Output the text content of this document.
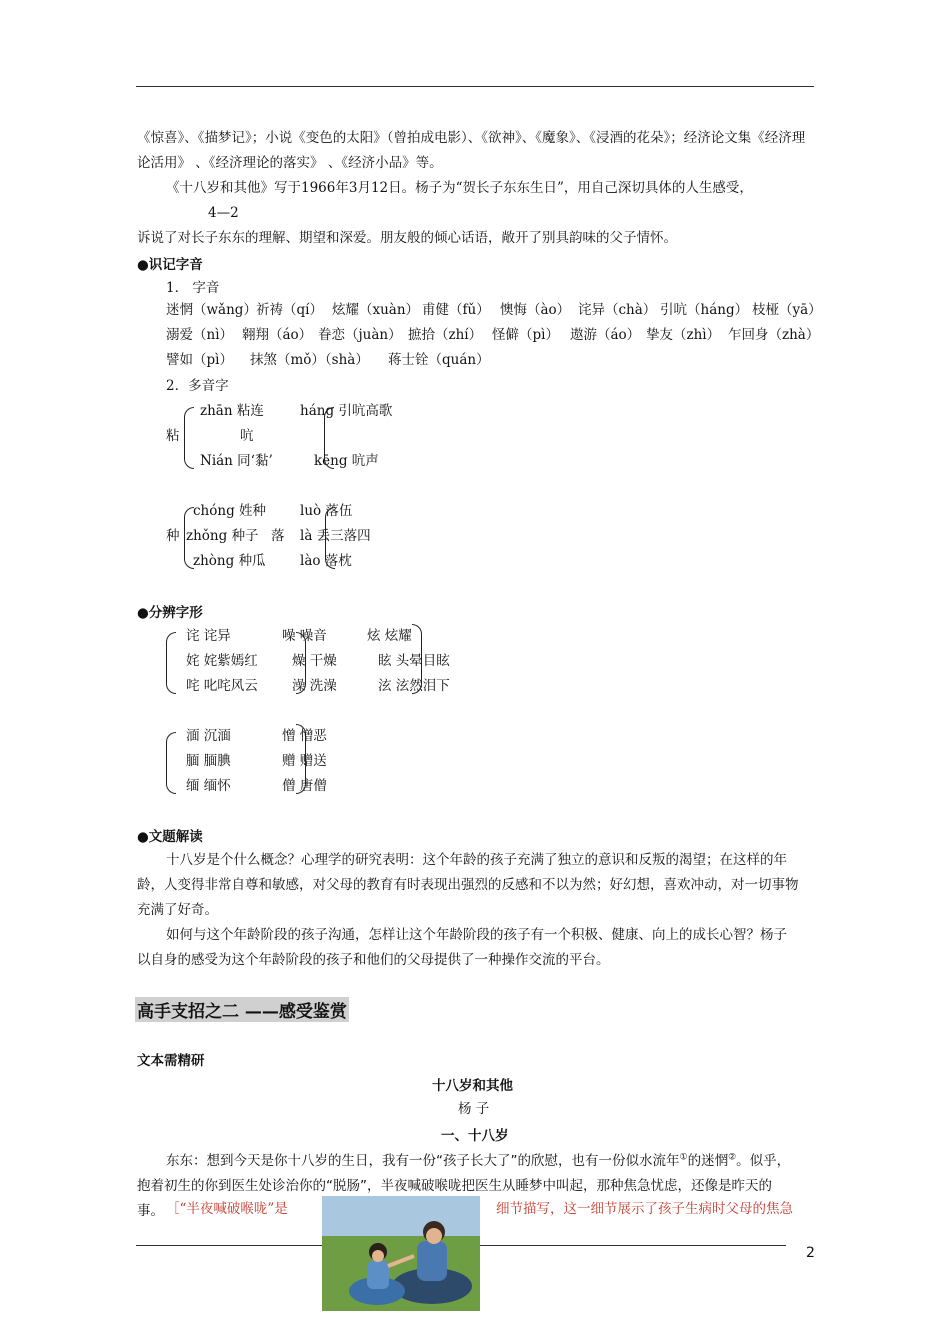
《惊喜》、《描梦记》；小说《变色的太阳》（曾拍成电影）、《欲神》、《魔象》、《浸酒的花朵》；经济论文集《经济理
论活用》 、《经济理论的落实》 、《经济小品》等。
《十八岁和其他》写于1966年3月12日。杨子为“贺长子东东生日”，用自己深切具体的人生感受，
4—2
诉说了对长子东东的理解、期望和深爱。朋友般的倾心话语，敞开了别具韵味的父子情怀。
●识记字音
1． 字音
迷惘（wǎng） 祈祷（qí） 炫耀（xuàn） 甫健（fǔ） 懊悔（ào） 诧异（chà） 引吭（háng） 枝桠（yā）
溺爱（nì） 翱翔（áo） 眷恋（juàn） 摭拾（zhí） 怪僻（pì） 遨游（áo） 挚友（zhì） 乍回身（zhà）
譬如（pì） 抹煞（mǒ）（shà） 蒋士铨（quán）
2．多音字
粘
zhān 粘连
Nián 同‘黏’
吭
háng 引吭高歌
kēng 吭声
种
chóng 姓种
zhǒng 种子
zhòng 种瓜
落
luò 落伍
là 丢三落四
lào 落枕
●分辨字形
诧 诧异	噪 噪音	炫 炫耀
姹 姹紫嫣红	燥 干燥	眩 头晕目眩
咤 叱咤风云	澡 洗澡	泫 泫然泪下
湎 沉湎	憎 憎恶
腼 腼腆	赠 赠送
缅 缅怀	僧 唐僧
●文题解读
十八岁是个什么概念？心理学的研究表明：这个年龄的孩子充满了独立的意识和反叛的渴望；在这样的年
龄，人变得非常自尊和敏感，对父母的教育有时表现出强烈的反感和不以为然；好幻想，喜欢冲动，对一切事物
充满了好奇。
如何与这个年龄阶段的孩子沟通，怎样让这个年龄阶段的孩子有一个积极、健康、向上的成长心智？杨子
以自身的感受为这个年龄阶段的孩子和他们的父母提供了一种操作交流的平台。
高手支招之二 ——感受鉴赏
文本需精研
十八岁和其他
杨 子
一、十八岁
东东：想到今天是你十八岁的生日，我有一份“孩子长大了”的欣慰，也有一份似水流年①的迷惘②。似乎，
抱着初生的你到医生处诊治你的“脱肠”，半夜喊破喉咙把医生从睡梦中叫起，那种焦急忧虑，还像是昨天的
事。 ［“半夜喊破喉咙”是	细节描写，这一细节展示了孩子生病时父母的焦急
2
